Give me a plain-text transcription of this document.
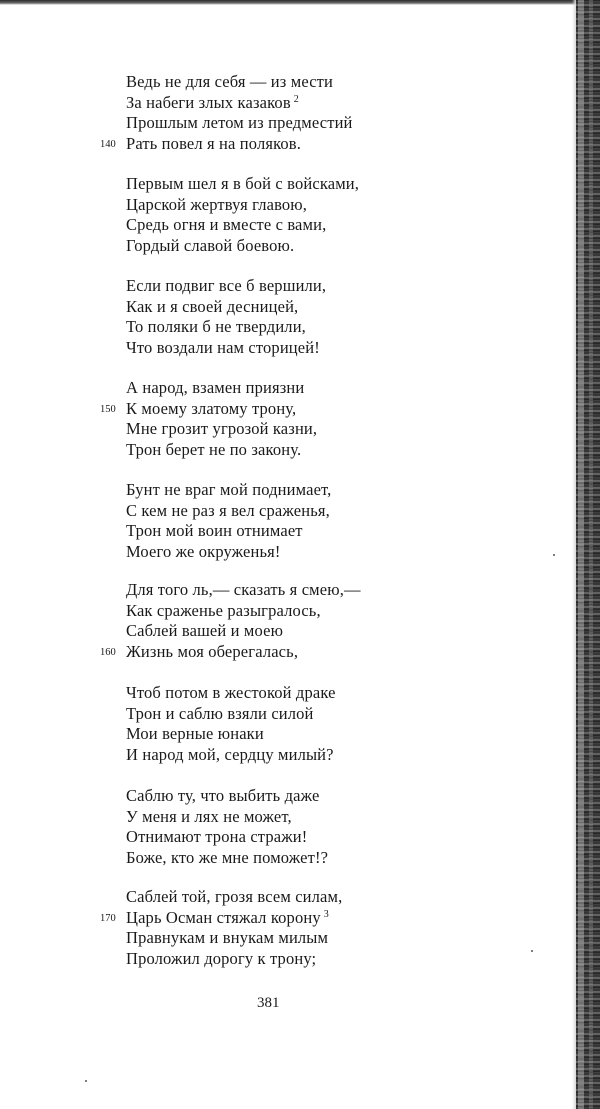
Ведь не для себя — из мести
За набеги злых казаков $^2$
Прошлым летом из предместий
140 Рать повел я на поляков.
Первым шел я в бой с войсками,
Царской жертвуя главою,
Средь огня и вместе с вами,
Гордый славой боевою.
Если подвиг все б вершили,
Как и я своей десницей,
То поляки б не твердили,
Что воздали нам сторицей!
А народ, взамен приязни
150 К моему златому трону,
Мне грозит угрозой казни,
Трон берет не по закону.
Бунт не враг мой поднимает,
С кем не раз я вел сраженья,
Трон мой воин отнимает
Моего же окруженья!
Для того ль,— сказать я смею,—
Как сраженье разыгралось,
Саблей вашей и моею
160 Жизнь моя оберегалась,
Чтоб потом в жестокой драке
Трон и саблю взяли силой
Мои верные юнаки
И народ мой, сердцу милый?
Саблю ту, что выбить даже
У меня и лях не может,
Отнимают трона стражи!
Боже, кто же мне поможет!?
Саблей той, грозя всем силам,
170 Царь Осман стяжал корону $^3$
Правнукам и внукам милым
Проложил дорогу к трону;
381
